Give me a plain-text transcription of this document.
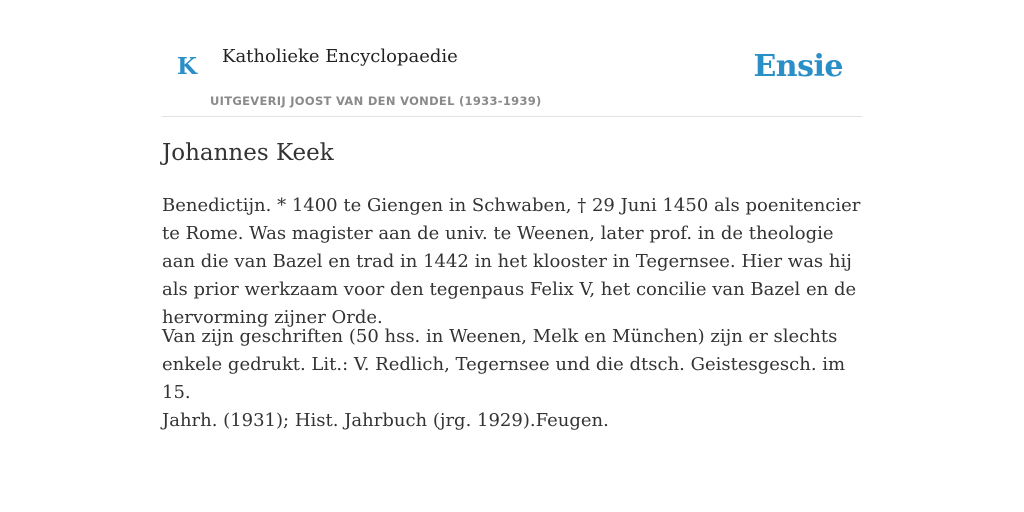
K Katholieke Encyclopaedie
UITGEVERIJ JOOST VAN DEN VONDEL (1933-1939)
Ensie
Johannes Keek

Benedictijn. * 1400 te Giengen in Schwaben, † 29 Juni 1450 als poenitencier te Rome. Was magister aan de univ. te Weenen, later prof. in de theologie aan die van Bazel en trad in 1442 in het klooster in Tegernsee. Hier was hij als prior werkzaam voor den tegenpaus Felix V, het concilie van Bazel en de hervorming zijner Orde.

Van zijn geschriften (50 hss. in Weenen, Melk en München) zijn er slechts enkele gedrukt. Lit.: V. Redlich, Tegernsee und die dtsch. Geistesgesch. im 15.

Jahrh. (1931); Hist. Jahrbuch (jrg. 1929).Feugen.
